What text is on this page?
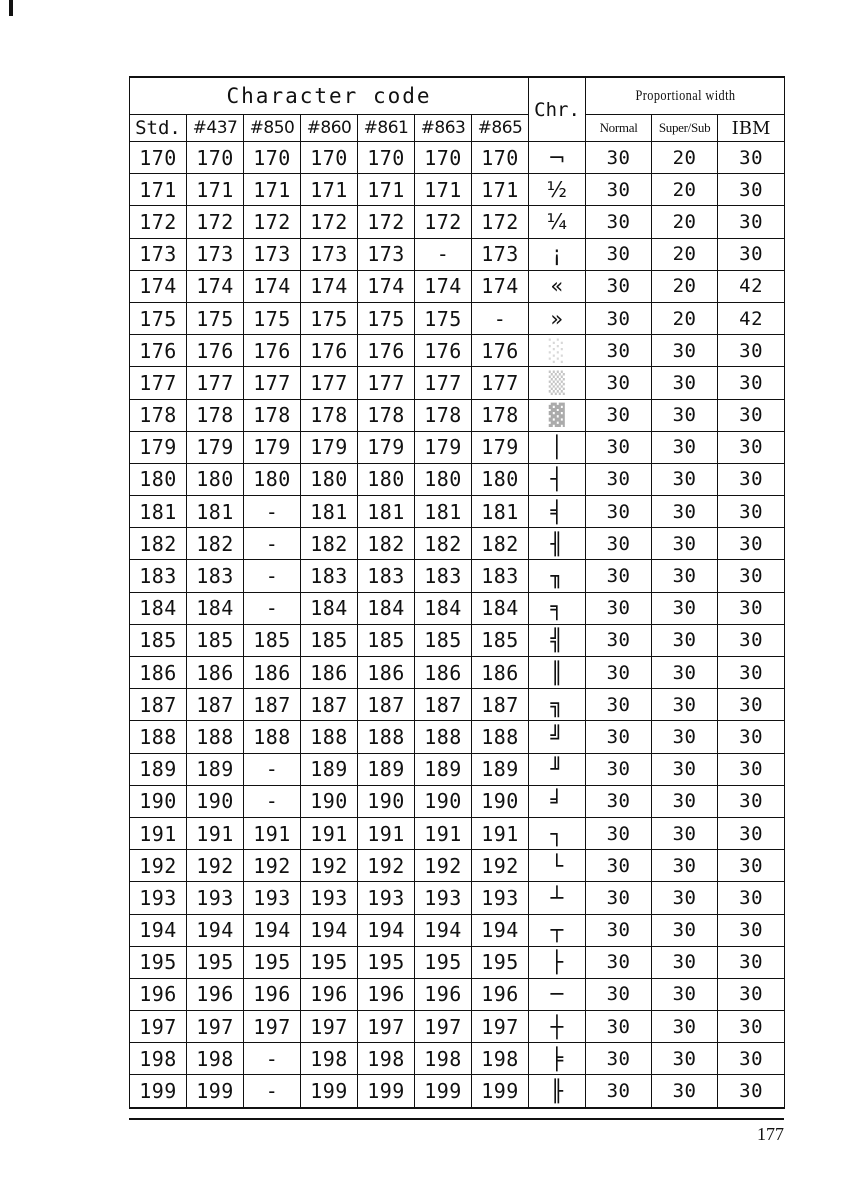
Character code							Chr.	Proportional width		
Std.	#437	#850	#860	#861	#863	#865		Normal	Super/Sub	IBM
170	170	170	170	170	170	170	¬	30	20	30
171	171	171	171	171	171	171	½	30	20	30
172	172	172	172	172	172	172	¼	30	20	30
173	173	173	173	173	-	173	¡	30	20	30
174	174	174	174	174	174	174	«	30	20	42
175	175	175	175	175	175	-	»	30	20	42
176	176	176	176	176	176	176	░	30	30	30
177	177	177	177	177	177	177	▒	30	30	30
178	178	178	178	178	178	178	▓	30	30	30
179	179	179	179	179	179	179	│	30	30	30
180	180	180	180	180	180	180	┤	30	30	30
181	181	-	181	181	181	181	╡	30	30	30
182	182	-	182	182	182	182	╢	30	30	30
183	183	-	183	183	183	183	╖	30	30	30
184	184	-	184	184	184	184	╕	30	30	30
185	185	185	185	185	185	185	╣	30	30	30
186	186	186	186	186	186	186	║	30	30	30
187	187	187	187	187	187	187	╗	30	30	30
188	188	188	188	188	188	188	╝	30	30	30
189	189	-	189	189	189	189	╜	30	30	30
190	190	-	190	190	190	190	╛	30	30	30
191	191	191	191	191	191	191	┐	30	30	30
192	192	192	192	192	192	192	└	30	30	30
193	193	193	193	193	193	193	┴	30	30	30
194	194	194	194	194	194	194	┬	30	30	30
195	195	195	195	195	195	195	├	30	30	30
196	196	196	196	196	196	196	─	30	30	30
197	197	197	197	197	197	197	┼	30	30	30
198	198	-	198	198	198	198	╞	30	30	30
199	199	-	199	199	199	199	╟	30	30	30
177
